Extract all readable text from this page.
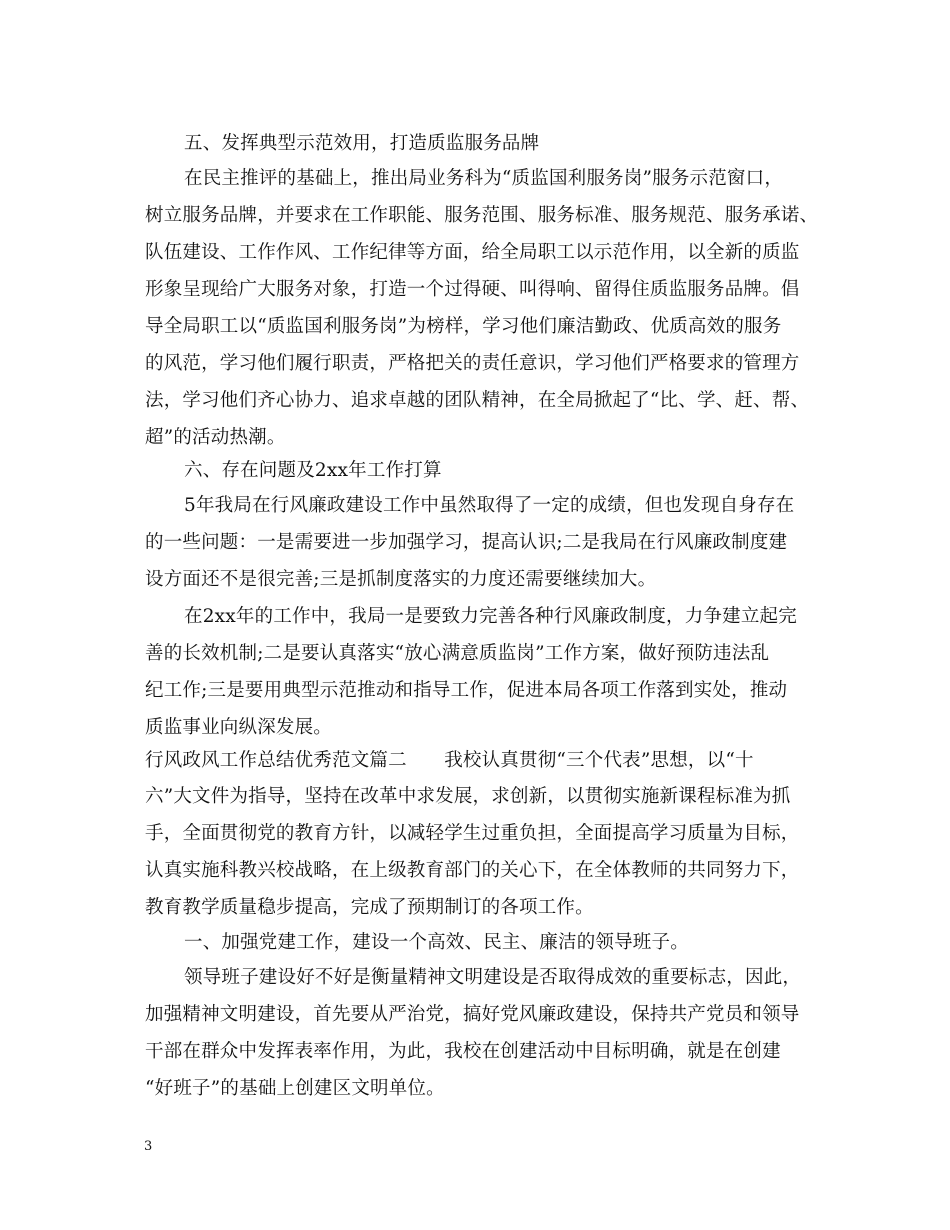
五、发挥典型示范效用，打造质监服务品牌

在民主推评的基础上，推出局业务科为“质监国利服务岗”服务示范窗口，

树立服务品牌，并要求在工作职能、服务范围、服务标准、服务规范、服务承诺、

队伍建设、工作作风、工作纪律等方面，给全局职工以示范作用，以全新的质监

形象呈现给广大服务对象，打造一个过得硬、叫得响、留得住质监服务品牌。倡

导全局职工以“质监国利服务岗”为榜样，学习他们廉洁勤政、优质高效的服务

的风范，学习他们履行职责，严格把关的责任意识，学习他们严格要求的管理方

法，学习他们齐心协力、追求卓越的团队精神，在全局掀起了“比、学、赶、帮、

超”的活动热潮。

六、存在问题及2xx年工作打算

5年我局在行风廉政建设工作中虽然取得了一定的成绩，但也发现自身存在

的一些问题：一是需要进一步加强学习，提高认识;二是我局在行风廉政制度建

设方面还不是很完善;三是抓制度落实的力度还需要继续加大。

在2xx年的工作中，我局一是要致力完善各种行风廉政制度，力争建立起完

善的长效机制;二是要认真落实“放心满意质监岗”工作方案，做好预防违法乱

纪工作;三是要用典型示范推动和指导工作，促进本局各项工作落到实处，推动

质监事业向纵深发展。

行风政风工作总结优秀范文篇二　　我校认真贯彻“三个代表”思想，以“十

六”大文件为指导，坚持在改革中求发展，求创新，以贯彻实施新课程标准为抓

手，全面贯彻党的教育方针，以减轻学生过重负担，全面提高学习质量为目标，

认真实施科教兴校战略，在上级教育部门的关心下，在全体教师的共同努力下，

教育教学质量稳步提高，完成了预期制订的各项工作。

一、加强党建工作，建设一个高效、民主、廉洁的领导班子。

领导班子建设好不好是衡量精神文明建设是否取得成效的重要标志，因此，

加强精神文明建设，首先要从严治党，搞好党风廉政建设，保持共产党员和领导

干部在群众中发挥表率作用，为此，我校在创建活动中目标明确，就是在创建

“好班子”的基础上创建区文明单位。

3
